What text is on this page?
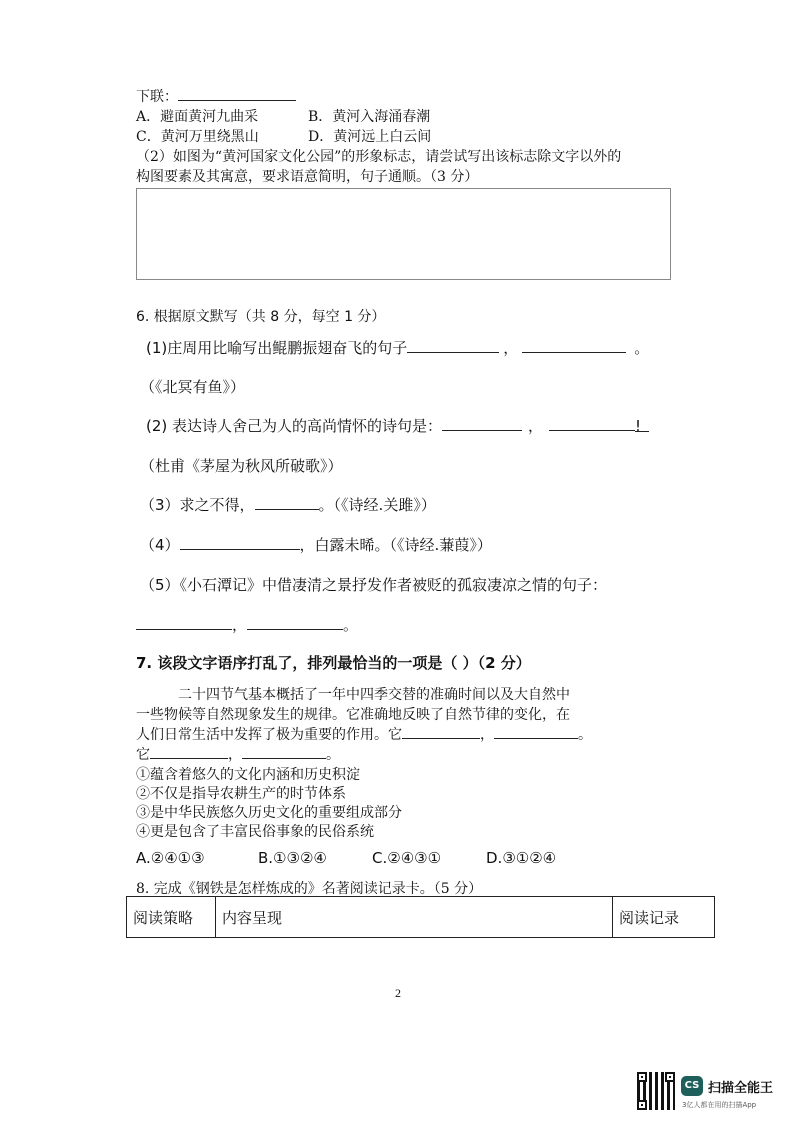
下联：
A．避面黄河九曲采	B．黄河入海涌春潮
C．黄河万里绕黑山	D．黄河远上白云间
（2）如图为“黄河国家文化公园”的形象标志，请尝试写出该标志除文字以外的
构图要素及其寓意，要求语意简明，句子通顺。（3 分）
6. 根据原文默写（共 8 分，每空 1 分）
(1)庄周用比喻写出鲲鹏振翅奋飞的句子	，	。
（《北冥有鱼》）
(2) 表达诗人舍己为人的高尚情怀的诗句是：	，	!
（杜甫《茅屋为秋风所破歌》）
（3）求之不得，	。（《诗经.关雎》）
（4）	，白露未晞。（《诗经.蒹葭》）
（5）《小石潭记》中借凄清之景抒发作者被贬的孤寂凄凉之情的句子：
，	。
7. 该段文字语序打乱了，排列最恰当的一项是（ ）（2 分）
二十四节气基本概括了一年中四季交替的准确时间以及大自然中
一些物候等自然现象发生的规律。它准确地反映了自然节律的变化，在
人们日常生活中发挥了极为重要的作用。它	，	。
它	，	。
①蕴含着悠久的文化内涵和历史积淀
②不仅是指导农耕生产的时节体系
③是中华民族悠久历史文化的重要组成部分
④更是包含了丰富民俗事象的民俗系统
A.②④①③	B.①③②④	C.②④③①	D.③①②④
8. 完成《钢铁是怎样炼成的》名著阅读记录卡。（5 分）
阅读策略	内容呈现	阅读记录
2
CS 扫描全能王
3亿人都在用的扫描App
